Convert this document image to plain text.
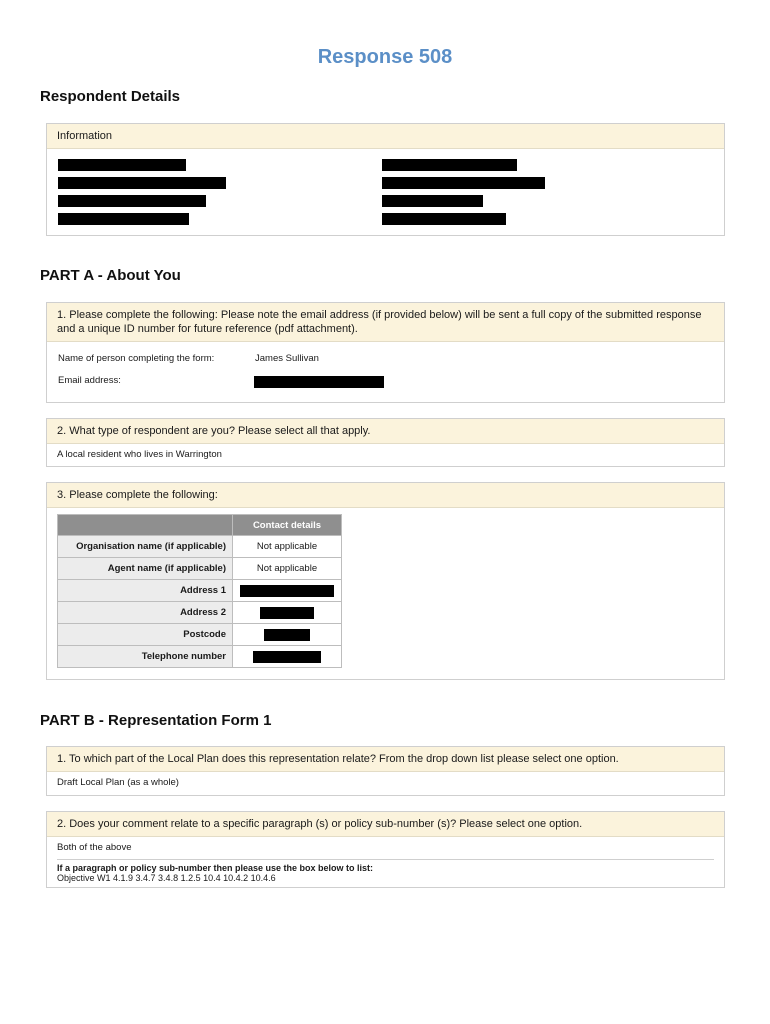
Response 508
Respondent Details
Information
PART A - About You
1. Please complete the following: Please note the email address (if provided below) will be sent a full copy of the submitted response and a unique ID number for future reference (pdf attachment).
Name of person completing the form:	James Sullivan
Email address:
2. What type of respondent are you? Please select all that apply.
A local resident who lives in Warrington
3. Please complete the following:
	Contact details
Organisation name (if applicable)	Not applicable
Agent name (if applicable)	Not applicable
Address 1	
Address 2	
Postcode	
Telephone number	
PART B - Representation Form 1
1. To which part of the Local Plan does this representation relate? From the drop down list please select one option.
Draft Local Plan (as a whole)
2. Does your comment relate to a specific paragraph (s) or policy sub-number (s)? Please select one option.
Both of the above
If a paragraph or policy sub-number then please use the box below to list:
Objective W1 4.1.9 3.4.7 3.4.8 1.2.5 10.4 10.4.2 10.4.6
